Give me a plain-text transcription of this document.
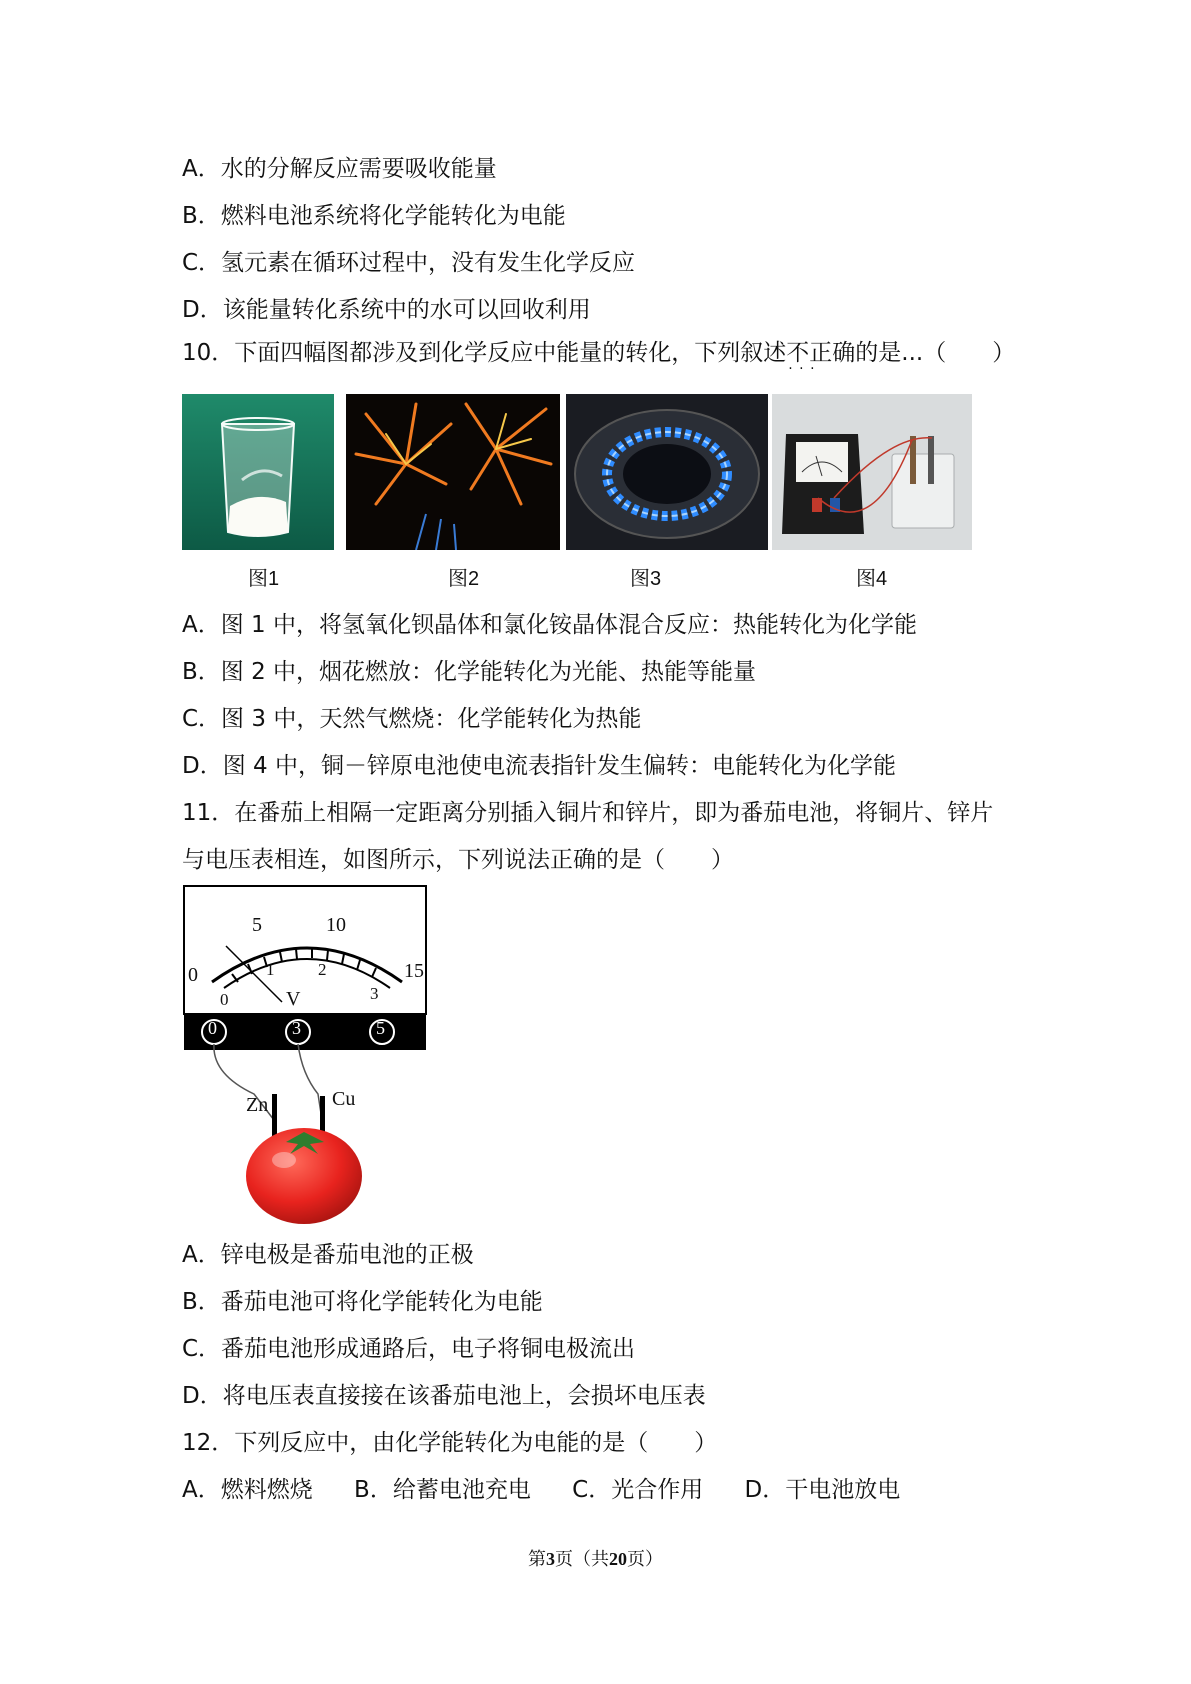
A．水的分解反应需要吸收能量
B．燃料电池系统将化学能转化为电能
C．氢元素在循环过程中，没有发生化学反应
D．该能量转化系统中的水可以回收利用
10．下面四幅图都涉及到化学反应中能量的转化，下列叙述不正确 · · ·的是...（　　）
图1	图2	图3	图4
A．图 1 中，将氢氧化钡晶体和氯化铵晶体混合反应：热能转化为化学能
B．图 2 中，烟花燃放：化学能转化为光能、热能等能量
C．图 3 中，天然气燃烧：化学能转化为热能
D．图 4 中，铜－锌原电池使电流表指针发生偏转：电能转化为化学能
11．在番茄上相隔一定距离分别插入铜片和锌片，即为番茄电池，将铜片、锌片
与电压表相连，如图所示，下列说法正确的是（　　）
0
5	10
15
0
1	2
3
V
0	3	5
Zn	Cu
A．锌电极是番茄电池的正极
B．番茄电池可将化学能转化为电能
C．番茄电池形成通路后，电子将铜电极流出
D．将电压表直接接在该番茄电池上，会损坏电压表
12．下列反应中，由化学能转化为电能的是（　　）
A．燃料燃烧 B．给蓄电池充电 C．光合作用 D．干电池放电
第3页（共20页）
